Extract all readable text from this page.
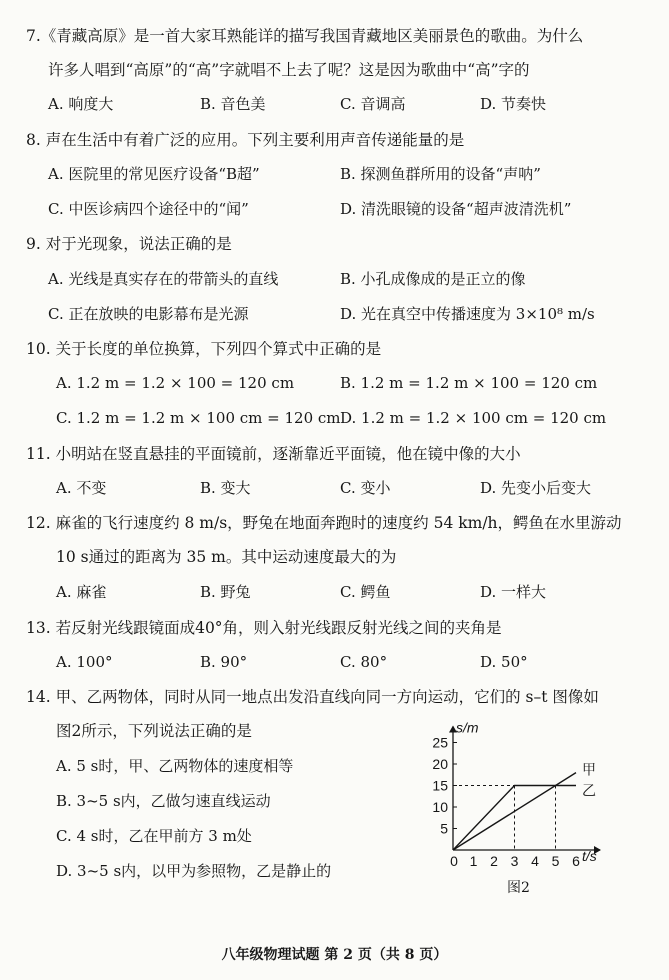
7.《青藏高原》是一首大家耳熟能详的描写我国青藏地区美丽景色的歌曲。为什么
许多人唱到“高原”的“高”字就唱不上去了呢？这是因为歌曲中“高”字的
A. 响度大	B. 音色美	C. 音调高	D. 节奏快
8. 声在生活中有着广泛的应用。下列主要利用声音传递能量的是
A. 医院里的常见医疗设备“B超”	B. 探测鱼群所用的设备“声呐”
C. 中医诊病四个途径中的“闻”	D. 清洗眼镜的设备“超声波清洗机”
9. 对于光现象，说法正确的是
A. 光线是真实存在的带箭头的直线	B. 小孔成像成的是正立的像
C. 正在放映的电影幕布是光源	D. 光在真空中传播速度为 3×10⁸ m/s
10. 关于长度的单位换算，下列四个算式中正确的是
A. 1.2 m = 1.2 × 100 = 120 cm	B. 1.2 m = 1.2 m × 100 = 120 cm
C. 1.2 m = 1.2 m × 100 cm = 120 cm D. 1.2 m = 1.2 × 100 cm = 120 cm
11. 小明站在竖直悬挂的平面镜前，逐渐靠近平面镜，他在镜中像的大小
A. 不变	B. 变大	C. 变小	D. 先变小后变大
12. 麻雀的飞行速度约 8 m/s，野兔在地面奔跑时的速度约 54 km/h，鳄鱼在水里游动
10 s通过的距离为 35 m。其中运动速度最大的为
A. 麻雀	B. 野兔	C. 鳄鱼	D. 一样大
13. 若反射光线跟镜面成40°角，则入射光线跟反射光线之间的夹角是
A. 100°	B. 90°	C. 80°	D. 50°
14. 甲、乙两物体，同时从同一地点出发沿直线向同一方向运动，它们的 s–t 图像如
图2所示，下列说法正确的是
A. 5 s时，甲、乙两物体的速度相等
B. 3~5 s内，乙做匀速直线运动
C. 4 s时，乙在甲前方 3 m处
D. 3~5 s内，以甲为参照物，乙是静止的
0 1 2 3 4 5 6
5
10
15
20
25
甲
乙
s/m
t/s
图2
八年级物理试题 第 2 页（共 8 页）
